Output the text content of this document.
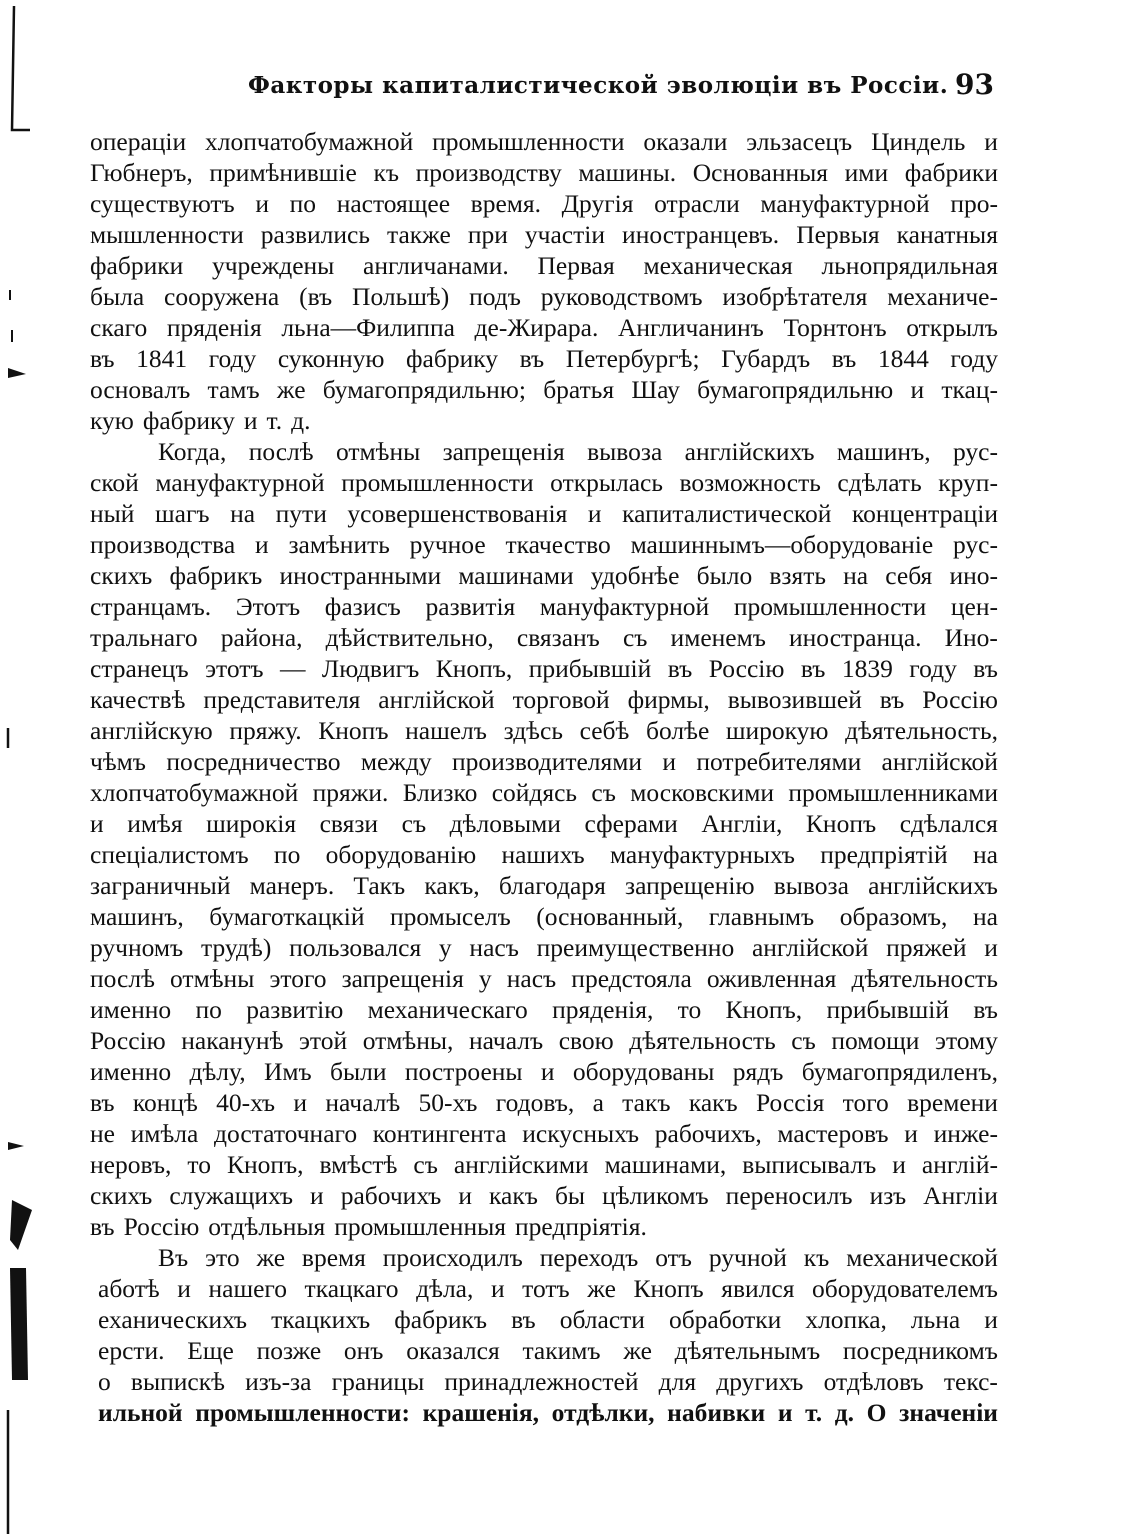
Факторы капиталистической эволюціи въ Россіи. 93
операціи хлопчатобумажной промышленности оказали эльзасецъ Циндель и
Гюбнеръ, примѣнившіе къ производству машины. Основанныя ими фабрики
существуютъ и по настоящее время. Другія отрасли мануфактурной про-
мышленности развились также при участіи иностранцевъ. Первыя канатныя
фабрики учреждены англичанами. Первая механическая льнопрядильная
была сооружена (въ Польшѣ) подъ руководствомъ изобрѣтателя механиче-
скаго пряденія льна—Филиппа де-Жирара. Англичанинъ Торнтонъ открылъ
въ 1841 году суконную фабрику въ Петербургѣ; Губардъ въ 1844 году
основалъ тамъ же бумагопрядильню; братья Шау бумагопрядильню и ткац-
кую фабрику и т. д.
Когда, послѣ отмѣны запрещенія вывоза англійскихъ машинъ, рус-
ской мануфактурной промышленности открылась возможность сдѣлать круп-
ный шагъ на пути усовершенствованія и капиталистической концентраціи
производства и замѣнить ручное ткачество машиннымъ—оборудованіе рус-
скихъ фабрикъ иностранными машинами удобнѣе было взять на себя ино-
странцамъ. Этотъ фазисъ развитія мануфактурной промышленности цен-
тральнаго района, дѣйствительно, связанъ съ именемъ иностранца. Ино-
странецъ этотъ — Людвигъ Кнопъ, прибывшій въ Россію въ 1839 году въ
качествѣ представителя англійской торговой фирмы, вывозившей въ Россію
англійскую пряжу. Кнопъ нашелъ здѣсь себѣ болѣе широкую дѣятельность,
чѣмъ посредничество между производителями и потребителями англійской
хлопчатобумажной пряжи. Близко сойдясь съ московскими промышленниками
и имѣя широкія связи съ дѣловыми сферами Англіи, Кнопъ сдѣлался
спеціалистомъ по оборудованію нашихъ мануфактурныхъ предпріятій на
заграничный манеръ. Такъ какъ, благодаря запрещенію вывоза англійскихъ
машинъ, бумаготкацкій промыселъ (основанный, главнымъ образомъ, на
ручномъ трудѣ) пользовался у насъ преимущественно англійской пряжей и
послѣ отмѣны этого запрещенія у насъ предстояла оживленная дѣятельность
именно по развитію механическаго пряденія, то Кнопъ, прибывшій въ
Россію наканунѣ этой отмѣны, началъ свою дѣятельность съ помощи этому
именно дѣлу, Имъ были построены и оборудованы рядъ бумагопрядиленъ,
въ концѣ 40-хъ и началѣ 50-хъ годовъ, а такъ какъ Россія того времени
не имѣла достаточнаго контингента искусныхъ рабочихъ, мастеровъ и инже-
неровъ, то Кнопъ, вмѣстѣ съ англійскими машинами, выписывалъ и англій-
скихъ служащихъ и рабочихъ и какъ бы цѣликомъ переносилъ изъ Англіи
въ Россію отдѣльныя промышленныя предпріятія.
Въ это же время происходилъ переходъ отъ ручной къ механической
аботѣ и нашего ткацкаго дѣла, и тотъ же Кнопъ явился оборудователемъ
еханическихъ ткацкихъ фабрикъ въ области обработки хлопка, льна и
ерсти. Еще позже онъ оказался такимъ же дѣятельнымъ посредникомъ
о выпискѣ изъ-за границы принадлежностей для другихъ отдѣловъ текс-
ильной промышленности: крашенія, отдѣлки, набивки и т. д. О значеніи
